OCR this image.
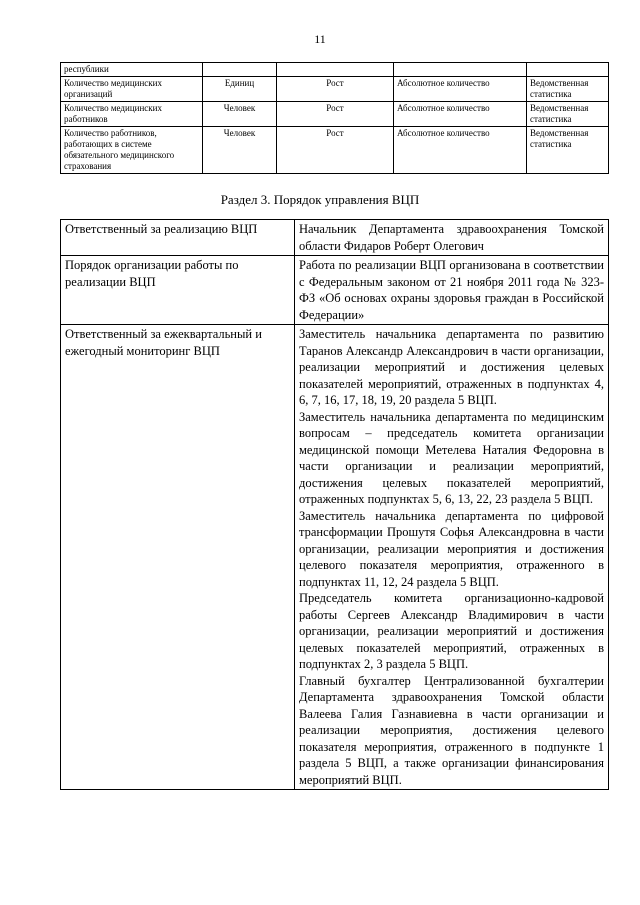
11
республики				
Количество медицинских организаций	Единиц	Рост	Абсолютное количество	Ведомственная статистика
Количество медицинских работников	Человек	Рост	Абсолютное количество	Ведомственная статистика
Количество работников, работающих в системе обязательного медицинского страхования	Человек	Рост	Абсолютное количество	Ведомственная статистика
Раздел 3. Порядок управления ВЦП
Ответственный за реализацию ВЦП	Начальник Департамента здравоохранения Томской области Фидаров Роберт Олегович

Порядок организации работы по реализации ВЦП	Работа по реализации ВЦП организована в соответствии с Федеральным законом от 21 ноября 2011 года № 323-ФЗ «Об основах охраны здоровья граждан в Российской Федерации»

Ответственный за ежеквартальный и ежегодный мониторинг ВЦП	Заместитель начальника департамента по развитию Таранов Александр Александрович в части организации, реализации мероприятий и достижения целевых показателей мероприятий, отраженных в подпунктах 4, 6, 7, 16, 17, 18, 19, 20 раздела 5 ВЦП.

Заместитель начальника департамента по медицинским вопросам – председатель комитета организации медицинской помощи Метелева Наталия Федоровна в части организации и реализации мероприятий, достижения целевых показателей мероприятий, отраженных подпунктах 5, 6, 13, 22, 23 раздела 5 ВЦП.

Заместитель начальника департамента по цифровой трансформации Прошутя Софья Александровна в части организации, реализации мероприятия и достижения целевого показателя мероприятия, отраженного в подпунктах 11, 12, 24 раздела 5 ВЦП.

Председатель комитета организационно-кадровой работы Сергеев Александр Владимирович в части организации, реализации мероприятий и достижения целевых показателей мероприятий, отраженных в подпунктах 2, 3 раздела 5 ВЦП.

Главный бухгалтер Централизованной бухгалтерии Департамента здравоохранения Томской области Валеева Галия Газнавиевна в части организации и реализации мероприятия, достижения целевого показателя мероприятия, отраженного в подпункте 1 раздела 5 ВЦП, а также организации финансирования мероприятий ВЦП.
